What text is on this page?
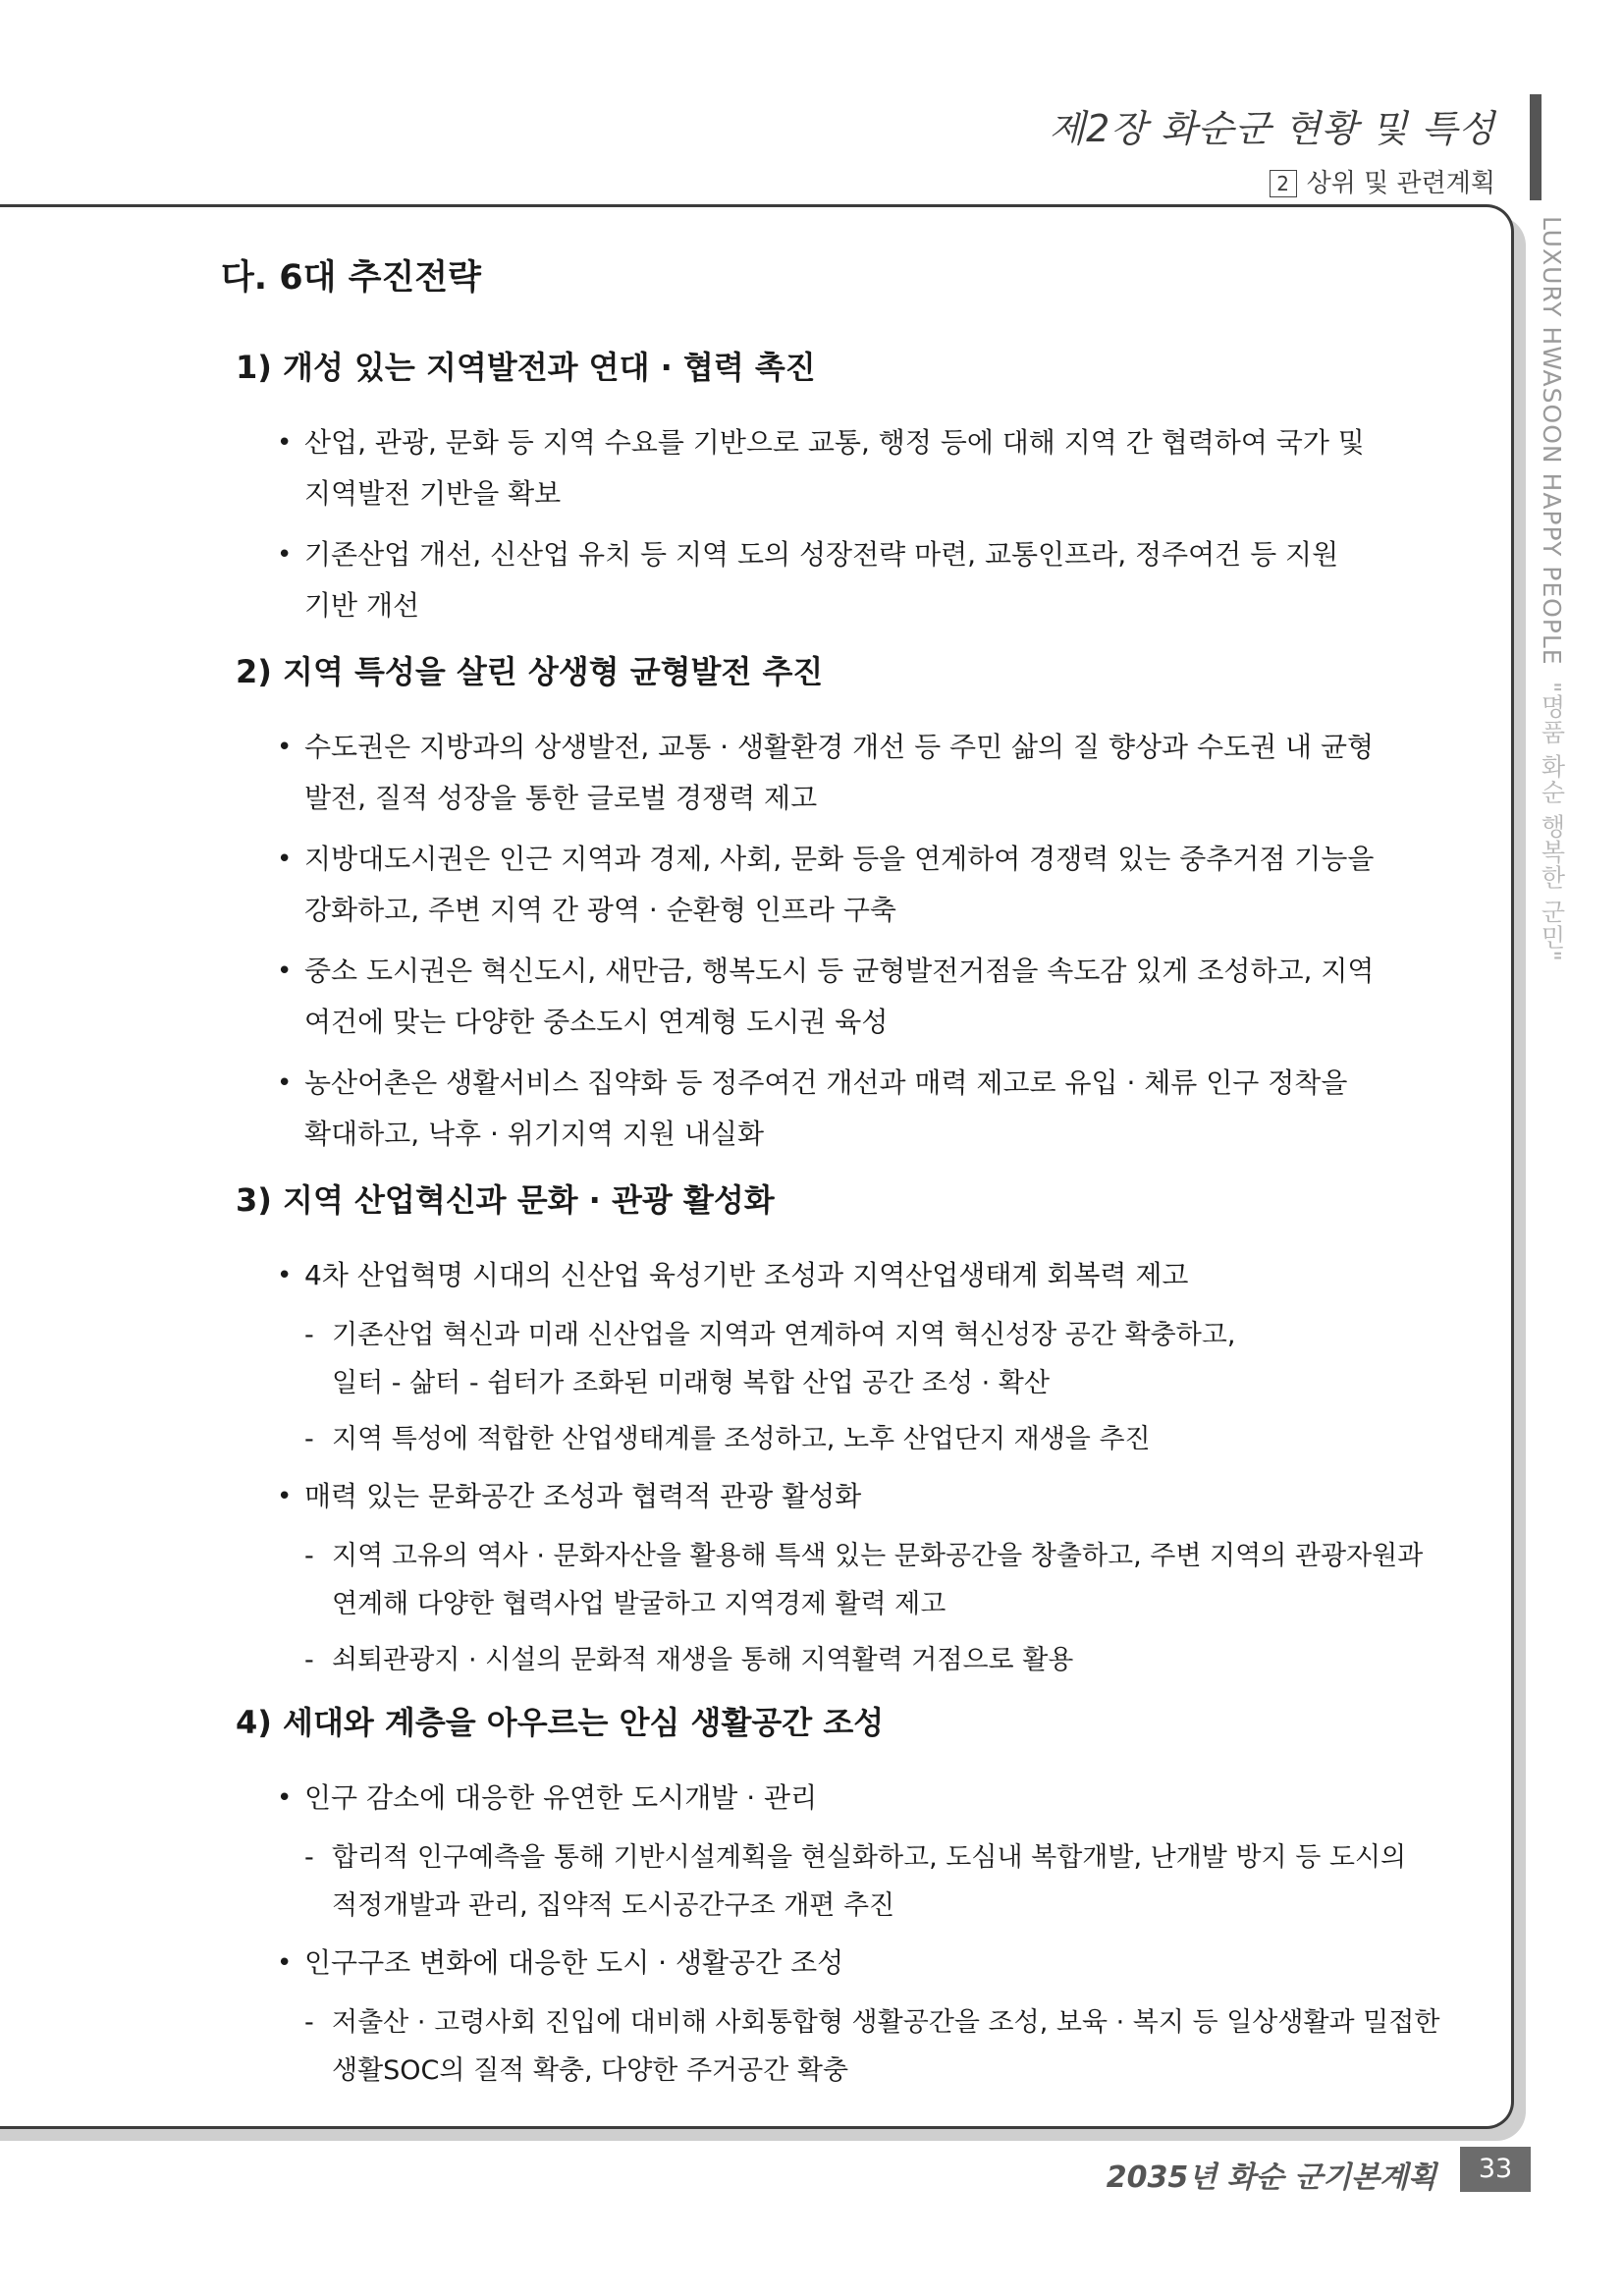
제2장 화순군 현황 및 특성
2 상위 및 관련계획
LUXURY HWASOON HAPPY PEOPLE"명품 화순 행복한 군민"
다. 6대 추진전략
1) 개성 있는 지역발전과 연대 · 협력 촉진
• 산업, 관광, 문화 등 지역 수요를 기반으로 교통, 행정 등에 대해 지역 간 협력하여 국가 및
지역발전 기반을 확보
• 기존산업 개선, 신산업 유치 등 지역 도의 성장전략 마련, 교통인프라, 정주여건 등 지원
기반 개선
2) 지역 특성을 살린 상생형 균형발전 추진
• 수도권은 지방과의 상생발전, 교통 · 생활환경 개선 등 주민 삶의 질 향상과 수도권 내 균형
발전, 질적 성장을 통한 글로벌 경쟁력 제고
• 지방대도시권은 인근 지역과 경제, 사회, 문화 등을 연계하여 경쟁력 있는 중추거점 기능을
강화하고, 주변 지역 간 광역 · 순환형 인프라 구축
• 중소 도시권은 혁신도시, 새만금, 행복도시 등 균형발전거점을 속도감 있게 조성하고, 지역
여건에 맞는 다양한 중소도시 연계형 도시권 육성
• 농산어촌은 생활서비스 집약화 등 정주여건 개선과 매력 제고로 유입 · 체류 인구 정착을
확대하고, 낙후 · 위기지역 지원 내실화
3) 지역 산업혁신과 문화 · 관광 활성화
• 4차 산업혁명 시대의 신산업 육성기반 조성과 지역산업생태계 회복력 제고
- 기존산업 혁신과 미래 신산업을 지역과 연계하여 지역 혁신성장 공간 확충하고,
일터 - 삶터 - 쉼터가 조화된 미래형 복합 산업 공간 조성 · 확산
- 지역 특성에 적합한 산업생태계를 조성하고, 노후 산업단지 재생을 추진
• 매력 있는 문화공간 조성과 협력적 관광 활성화
- 지역 고유의 역사 · 문화자산을 활용해 특색 있는 문화공간을 창출하고, 주변 지역의 관광자원과
연계해 다양한 협력사업 발굴하고 지역경제 활력 제고
- 쇠퇴관광지 · 시설의 문화적 재생을 통해 지역활력 거점으로 활용
4) 세대와 계층을 아우르는 안심 생활공간 조성
• 인구 감소에 대응한 유연한 도시개발 · 관리
- 합리적 인구예측을 통해 기반시설계획을 현실화하고, 도심내 복합개발, 난개발 방지 등 도시의
적정개발과 관리, 집약적 도시공간구조 개편 추진
• 인구구조 변화에 대응한 도시 · 생활공간 조성
- 저출산 · 고령사회 진입에 대비해 사회통합형 생활공간을 조성, 보육 · 복지 등 일상생활과 밀접한
생활SOC의 질적 확충, 다양한 주거공간 확충
2035년 화순 군기본계획	33
